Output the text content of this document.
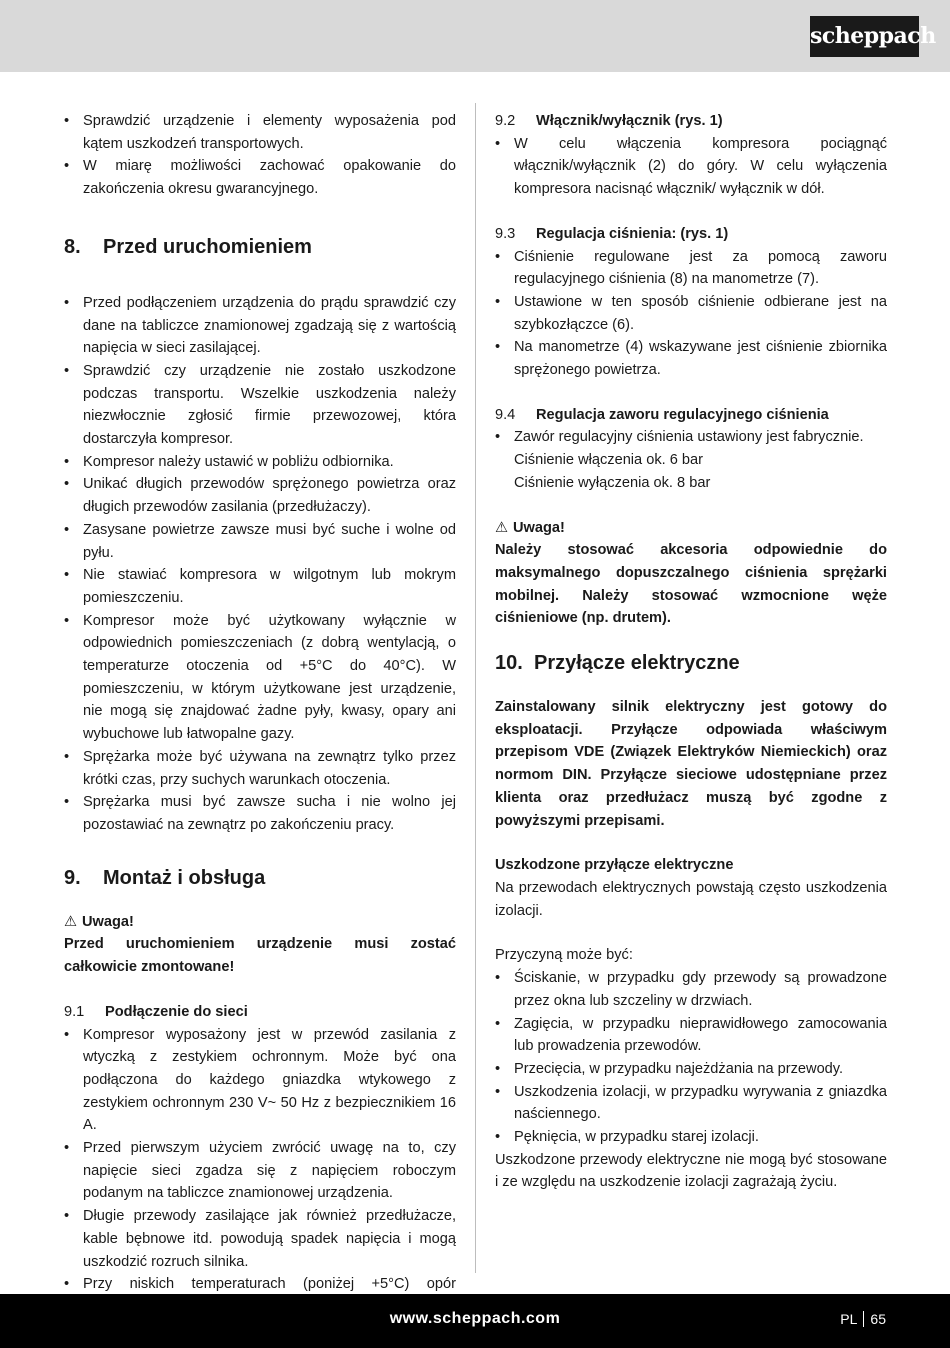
scheppach
• Sprawdzić urządzenie i elementy wyposażenia pod kątem uszkodzeń transportowych.
• W miarę możliwości zachować opakowanie do zakończenia okresu gwarancyjnego.
8. Przed uruchomieniem
• Przed podłączeniem urządzenia do prądu sprawdzić czy dane na tabliczce znamionowej zgadzają się z wartością napięcia w sieci zasilającej.
• Sprawdzić czy urządzenie nie zostało uszkodzone podczas transportu. Wszelkie uszkodzenia należy niezwłocznie zgłosić firmie przewozowej, która dostarczyła kompresor.
• Kompresor należy ustawić w pobliżu odbiornika.
• Unikać długich przewodów sprężonego powietrza oraz długich przewodów zasilania (przedłużaczy).
• Zasysane powietrze zawsze musi być suche i wolne od pyłu.
• Nie stawiać kompresora w wilgotnym lub mokrym pomieszczeniu.
• Kompresor może być użytkowany wyłącznie w odpowiednich pomieszczeniach (z dobrą wentylacją, o temperaturze otoczenia od +5°C do 40°C). W pomieszczeniu, w którym użytkowane jest urządzenie, nie mogą się znajdować żadne pyły, kwasy, opary ani wybuchowe lub łatwopalne gazy.
• Sprężarka może być używana na zewnątrz tylko przez krótki czas, przy suchych warunkach otoczenia.
• Sprężarka musi być zawsze sucha i nie wolno jej pozostawiać na zewnątrz po zakończeniu pracy.
9. Montaż i obsługa

⚠ Uwaga!

Przed uruchomieniem urządzenie musi zostać całkowicie zmontowane!

9.1 Podłączenie do sieci

• Kompresor wyposażony jest w przewód zasilania z wtyczką z zestykiem ochronnym. Może być ona podłączona do każdego gniazdka wtykowego z zestykiem ochronnym 230 V~ 50 Hz z bezpiecznikiem 16 A.
• Przed pierwszym użyciem zwrócić uwagę na to, czy napięcie sieci zgadza się z napięciem roboczym podanym na tabliczce znamionowej urządzenia.
• Długie przewody zasilające jak również przedłużacze, kable bębnowe itd. powodują spadek napięcia i mogą uszkodzić rozruch silnika.
• Przy niskich temperaturach (poniżej +5°C) opór

9.2 Włącznik/wyłącznik (rys. 1)

• W celu włączenia kompresora pociągnąć włącznik/wyłącznik (2) do góry. W celu wyłączenia kompresora nacisnąć włącznik/ wyłącznik w dół.

9.3 Regulacja ciśnienia: (rys. 1)

• Ciśnienie regulowane jest za pomocą zaworu regulacyjnego ciśnienia (8) na manometrze (7).
• Ustawione w ten sposób ciśnienie odbierane jest na szybkozłączce (6).
• Na manometrze (4) wskazywane jest ciśnienie zbiornika sprężonego powietrza.

9.4 Regulacja zaworu regulacyjnego ciśnienia

• Zawór regulacyjny ciśnienia ustawiony jest fabrycznie.

Ciśnienie włączenia ok. 6 bar

Ciśnienie wyłączenia ok. 8 bar

⚠ Uwaga!

Należy stosować akcesoria odpowiednie do maksymalnego dopuszczalnego ciśnienia sprężarki mobilnej. Należy stosować wzmocnione węże ciśnieniowe (np. drutem).

10. Przyłącze elektryczne

Zainstalowany silnik elektryczny jest gotowy do eksploatacji. Przyłącze odpowiada właściwym przepisom VDE (Związek Elektryków Niemieckich) oraz normom DIN. Przyłącze sieciowe udostępniane przez klienta oraz przedłużacz muszą być zgodne z powyższymi przepisami.

Uszkodzone przyłącze elektryczne

Na przewodach elektrycznych powstają często uszkodzenia izolacji.

Przyczyną może być:

• Ściskanie, w przypadku gdy przewody są prowadzone przez okna lub szczeliny w drzwiach.
• Zagięcia, w przypadku nieprawidłowego zamocowania lub prowadzenia przewodów.
• Przecięcia, w przypadku najeżdżania na przewody.
• Uszkodzenia izolacji, w przypadku wyrywania z gniazdka naściennego.
• Pęknięcia, w przypadku starej izolacji.

Uszkodzone przewody elektryczne nie mogą być stosowane i ze względu na uszkodzenie izolacji zagrażają życiu.

www.scheppach.com	PL 65
